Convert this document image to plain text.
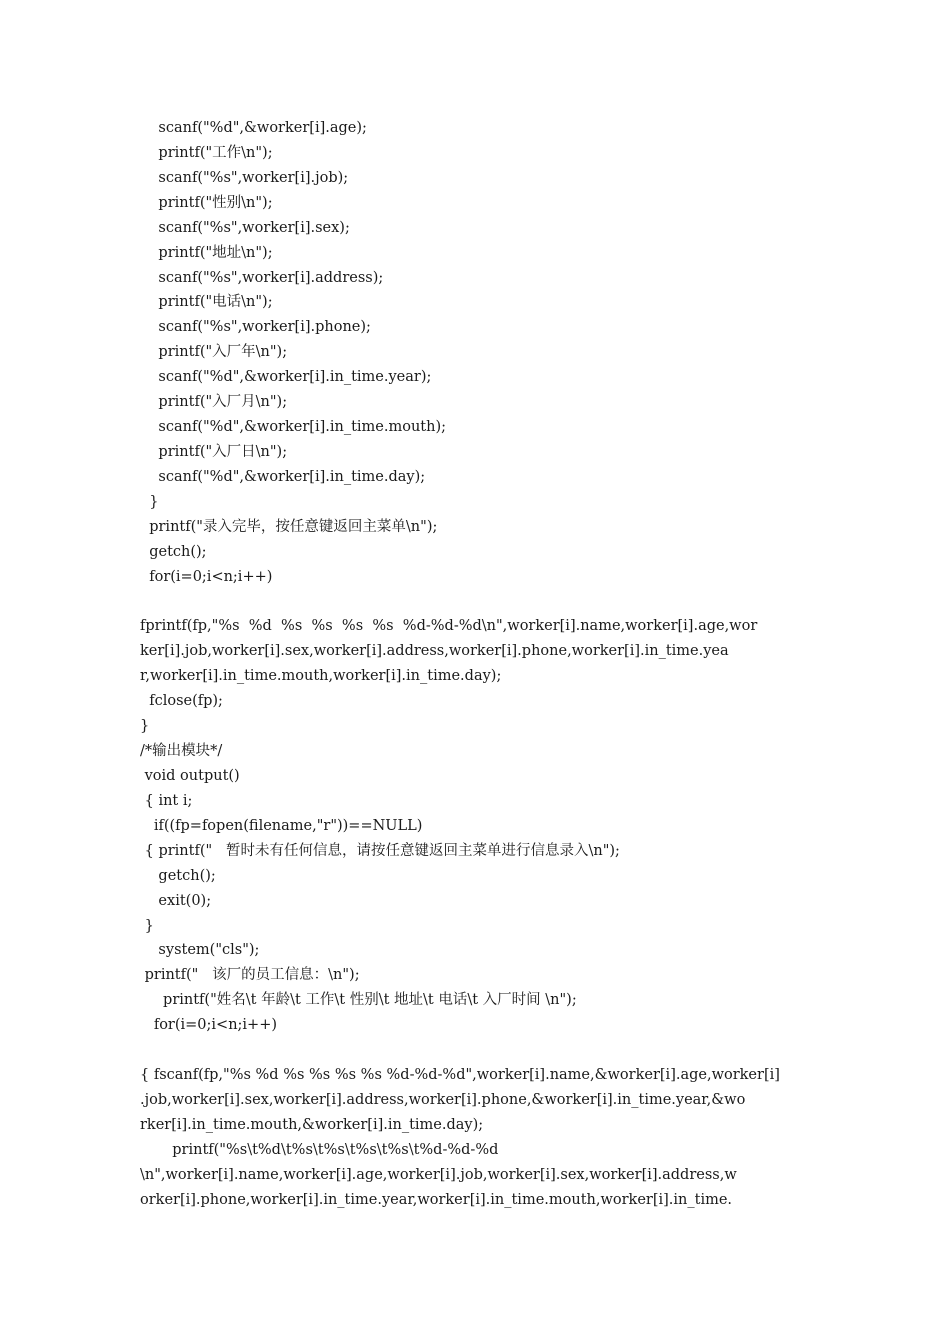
scanf("%d",&worker[i].age);
printf("工作\n");
scanf("%s",worker[i].job);
printf("性别\n");
scanf("%s",worker[i].sex);
printf("地址\n");
scanf("%s",worker[i].address);
printf("电话\n");
scanf("%s",worker[i].phone);
printf("入厂年\n");
scanf("%d",&worker[i].in_time.year);
printf("入厂月\n");
scanf("%d",&worker[i].in_time.mouth);
printf("入厂日\n");
scanf("%d",&worker[i].in_time.day);
}
printf("录入完毕，按任意键返回主菜单\n");
getch();
for(i=0;i<n;i++)
fprintf(fp,"%s  %d  %s  %s  %s  %s  %d-%d-%d\n",worker[i].name,worker[i].age,wor
ker[i].job,worker[i].sex,worker[i].address,worker[i].phone,worker[i].in_time.yea
r,worker[i].in_time.mouth,worker[i].in_time.day);
fclose(fp);
}
/*输出模块*/
void output()
{ int i;
if((fp=fopen(filename,"r"))==NULL)
{ printf("   暂时未有任何信息，请按任意键返回主菜单进行信息录入\n");
getch();
exit(0);
}
system("cls");
printf("   该厂的员工信息：\n");
printf("姓名\t 年龄\t 工作\t 性别\t 地址\t 电话\t 入厂时间 \n");
for(i=0;i<n;i++)
{ fscanf(fp,"%s %d %s %s %s %s %d-%d-%d",worker[i].name,&worker[i].age,worker[i]
.job,worker[i].sex,worker[i].address,worker[i].phone,&worker[i].in_time.year,&wo
rker[i].in_time.mouth,&worker[i].in_time.day);
printf("%s\t%d\t%s\t%s\t%s\t%s\t%d-%d-%d
\n",worker[i].name,worker[i].age,worker[i].job,worker[i].sex,worker[i].address,w
orker[i].phone,worker[i].in_time.year,worker[i].in_time.mouth,worker[i].in_time.
